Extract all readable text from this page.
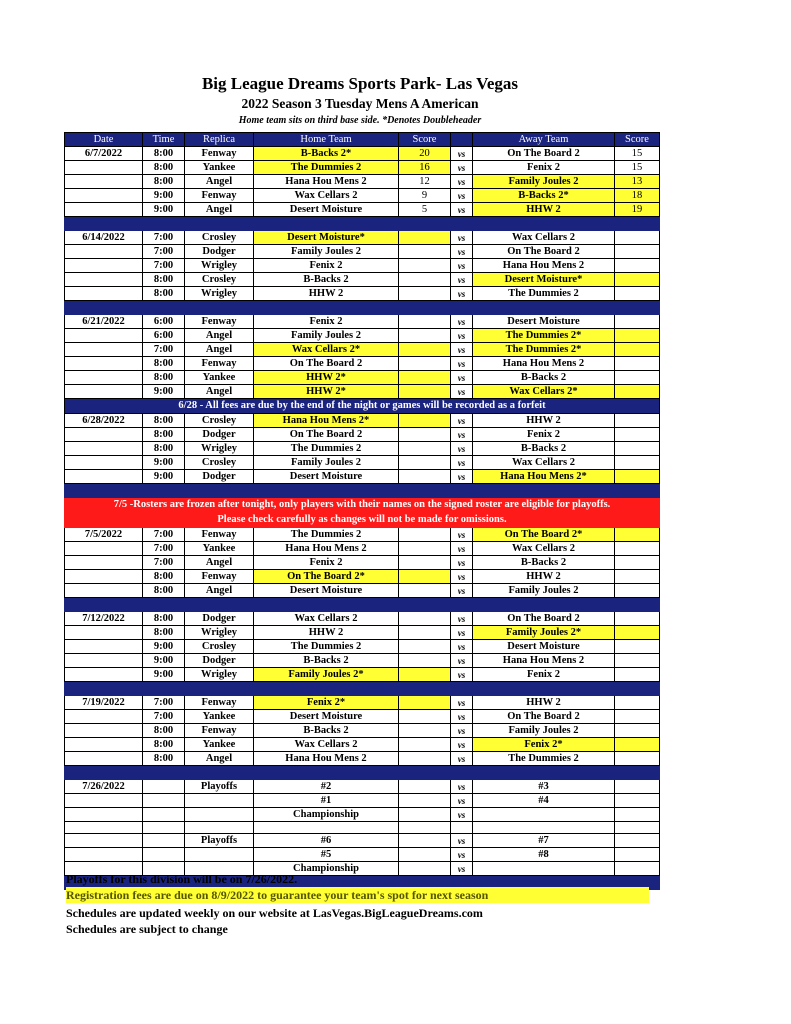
Big League Dreams Sports Park- Las Vegas
2022 Season 3 Tuesday Mens A American
Home team sits on third base side. *Denotes Doubleheader
Date	Time	Replica	Home Team	Score		Away Team	Score
6/7/2022	8:00	Fenway	B-Backs 2*	20	vs	On The Board 2	15
	8:00	Yankee	The Dummies 2	16	vs	Fenix 2	15
	8:00	Angel	Hana Hou Mens 2	12	vs	Family Joules 2	13
	9:00	Fenway	Wax Cellars 2	9	vs	B-Backs 2*	18
	9:00	Angel	Desert Moisture	5	vs	HHW 2	19

6/14/2022	7:00	Crosley	Desert Moisture*		vs	Wax Cellars 2	
	7:00	Dodger	Family Joules 2		vs	On The Board 2	
	7:00	Wrigley	Fenix 2		vs	Hana Hou Mens 2	
	8:00	Crosley	B-Backs 2		vs	Desert Moisture*	
	8:00	Wrigley	HHW 2		vs	The Dummies 2	

6/21/2022	6:00	Fenway	Fenix 2		vs	Desert Moisture	
	6:00	Angel	Family Joules 2		vs	The Dummies 2*	
	7:00	Angel	Wax Cellars 2*		vs	The Dummies 2*	
	8:00	Fenway	On The Board 2		vs	Hana Hou Mens 2	
	8:00	Yankee	HHW 2*		vs	B-Backs 2	
	9:00	Angel	HHW 2*		vs	Wax Cellars 2*	
6/28 - All fees are due by the end of the night or games will be recorded as a forfeit							
6/28/2022	8:00	Crosley	Hana Hou Mens 2*		vs	HHW 2	
	8:00	Dodger	On The Board 2		vs	Fenix 2	
	8:00	Wrigley	The Dummies 2		vs	B-Backs 2	
	9:00	Crosley	Family Joules 2		vs	Wax Cellars 2	
	9:00	Dodger	Desert Moisture		vs	Hana Hou Mens 2*	

7/5 -Rosters are frozen after tonight, only players with their names on the signed roster are eligible for playoffs.							
Please check carefully as changes will not be made for omissions.							
7/5/2022	7:00	Fenway	The Dummies 2		vs	On The Board 2*	
	7:00	Yankee	Hana Hou Mens 2		vs	Wax Cellars 2	
	7:00	Angel	Fenix 2		vs	B-Backs 2	
	8:00	Fenway	On The Board 2*		vs	HHW 2	
	8:00	Angel	Desert Moisture		vs	Family Joules 2	

7/12/2022	8:00	Dodger	Wax Cellars 2		vs	On The Board 2	
	8:00	Wrigley	HHW 2		vs	Family Joules 2*	
	9:00	Crosley	The Dummies 2		vs	Desert Moisture	
	9:00	Dodger	B-Backs 2		vs	Hana Hou Mens 2	
	9:00	Wrigley	Family Joules 2*		vs	Fenix 2	

7/19/2022	7:00	Fenway	Fenix 2*		vs	HHW 2	
	7:00	Yankee	Desert Moisture		vs	On The Board 2	
	8:00	Fenway	B-Backs 2		vs	Family Joules 2	
	8:00	Yankee	Wax Cellars 2		vs	Fenix 2*	
	8:00	Angel	Hana Hou Mens 2		vs	The Dummies 2	

7/26/2022		Playoffs	#2		vs	#3	
			#1		vs	#4	
			Championship		vs		

		Playoffs	#6		vs	#7	
			#5		vs	#8	
			Championship		vs		

Playoffs for this division will be on 7/26/2022.
Registration fees are due on 8/9/2022 to guarantee your team's spot for next season
Schedules are updated weekly on our website at LasVegas.BigLeagueDreams.com
Schedules are subject to change
